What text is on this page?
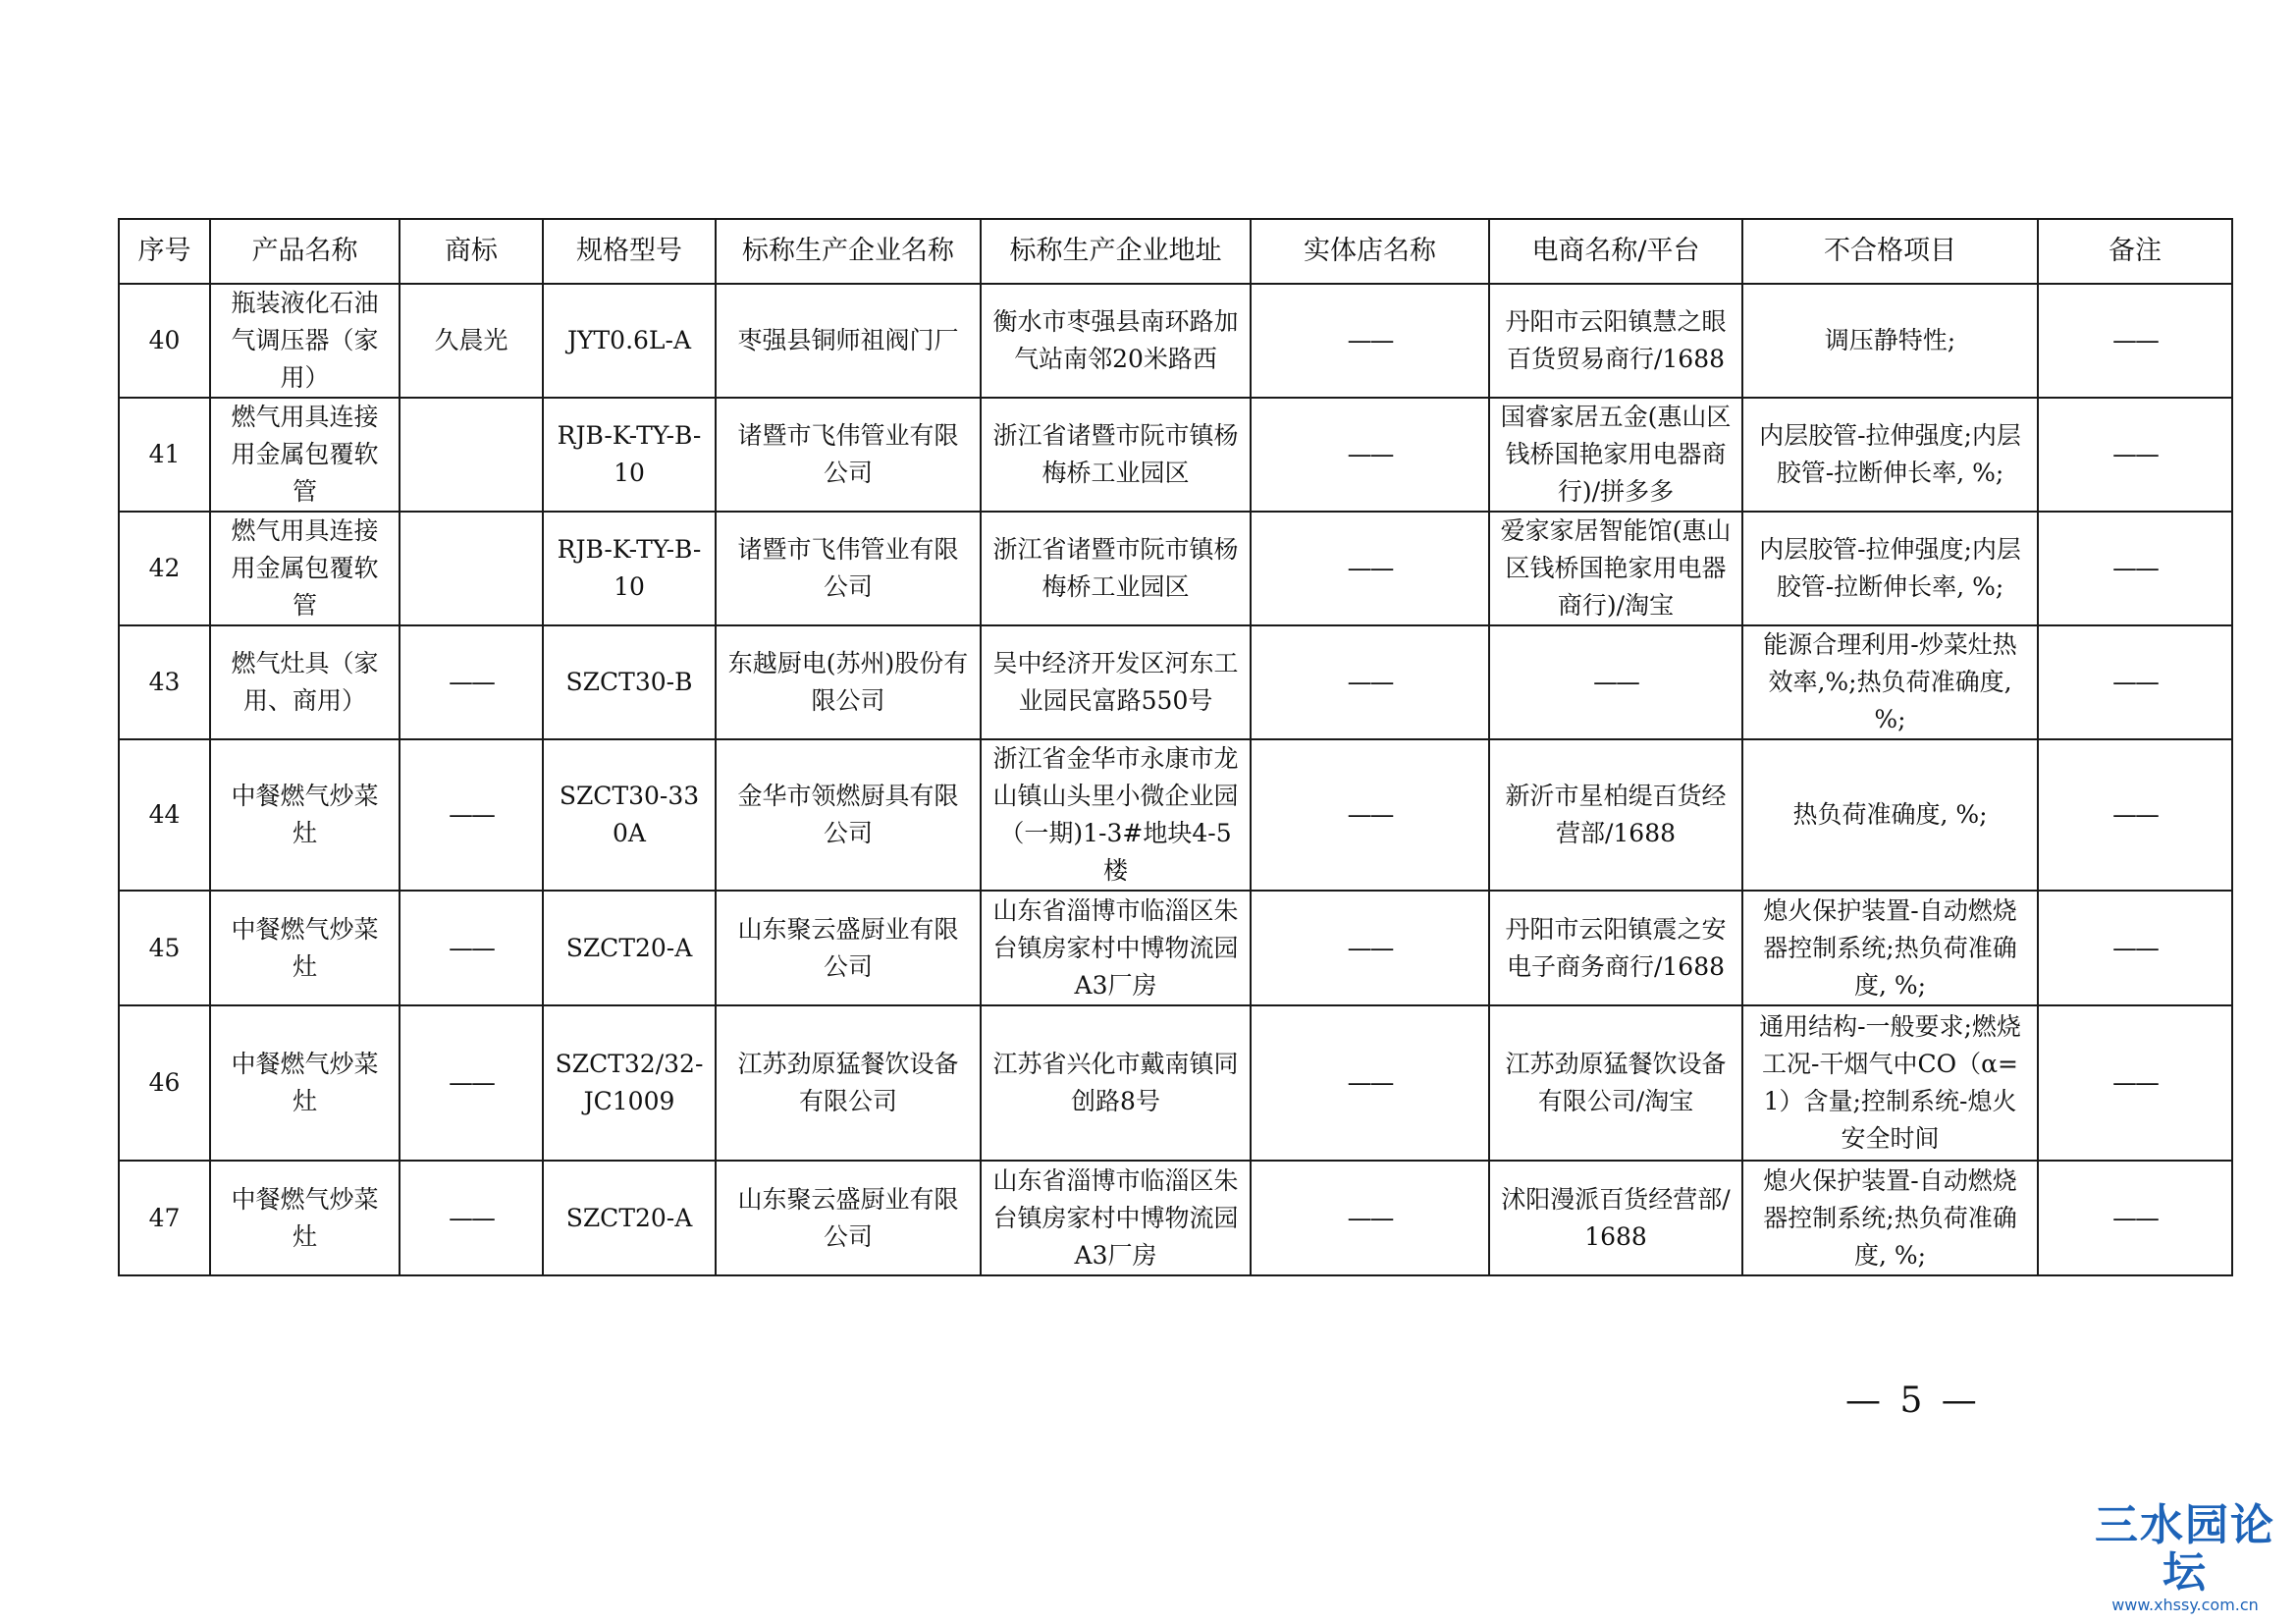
序号	产品名称	商标	规格型号	标称生产企业名称	标称生产企业地址	实体店名称	电商名称/平台	不合格项目	备注
40	瓶装液化石油气调压器（家用）	久晨光	JYT0.6L-A	枣强县铜师祖阀门厂	衡水市枣强县南环路加气站南邻20米路西	——	丹阳市云阳镇慧之眼百货贸易商行/1688	调压静特性;	——
41	燃气用具连接用金属包覆软管		RJB-K-TY-B-10	诸暨市飞伟管业有限公司	浙江省诸暨市阮市镇杨梅桥工业园区	——	国睿家居五金(惠山区钱桥国艳家用电器商行)/拼多多	内层胶管-拉伸强度;内层胶管-拉断伸长率, %;	——
42	燃气用具连接用金属包覆软管		RJB-K-TY-B-10	诸暨市飞伟管业有限公司	浙江省诸暨市阮市镇杨梅桥工业园区	——	爱家家居智能馆(惠山区钱桥国艳家用电器商行)/淘宝	内层胶管-拉伸强度;内层胶管-拉断伸长率, %;	——
43	燃气灶具（家用、商用）	——	SZCT30-B	东越厨电(苏州)股份有限公司	吴中经济开发区河东工业园民富路550号	——	——	能源合理利用-炒菜灶热效率,%;热负荷准确度, %;	——
44	中餐燃气炒菜灶	——	SZCT30-330A	金华市领燃厨具有限公司	浙江省金华市永康市龙山镇山头里小微企业园（一期)1-3#地块4-5楼	——	新沂市星柏缇百货经营部/1688	热负荷准确度, %;	——
45	中餐燃气炒菜灶	——	SZCT20-A	山东聚云盛厨业有限公司	山东省淄博市临淄区朱台镇房家村中博物流园A3厂房	——	丹阳市云阳镇震之安电子商务商行/1688	熄火保护装置-自动燃烧器控制系统;热负荷准确度, %;	——
46	中餐燃气炒菜灶	——	SZCT32/32-JC1009	江苏劲原猛餐饮设备有限公司	江苏省兴化市戴南镇同创路8号	——	江苏劲原猛餐饮设备有限公司/淘宝	通用结构-一般要求;燃烧工况-干烟气中CO（α=1）含量;控制系统-熄火安全时间	——
47	中餐燃气炒菜灶	——	SZCT20-A	山东聚云盛厨业有限公司	山东省淄博市临淄区朱台镇房家村中博物流园A3厂房	——	沭阳漫派百货经营部/1688	熄火保护装置-自动燃烧器控制系统;热负荷准确度, %;	——
— 5 —
三水园论坛
www.xhssy.com.cn
